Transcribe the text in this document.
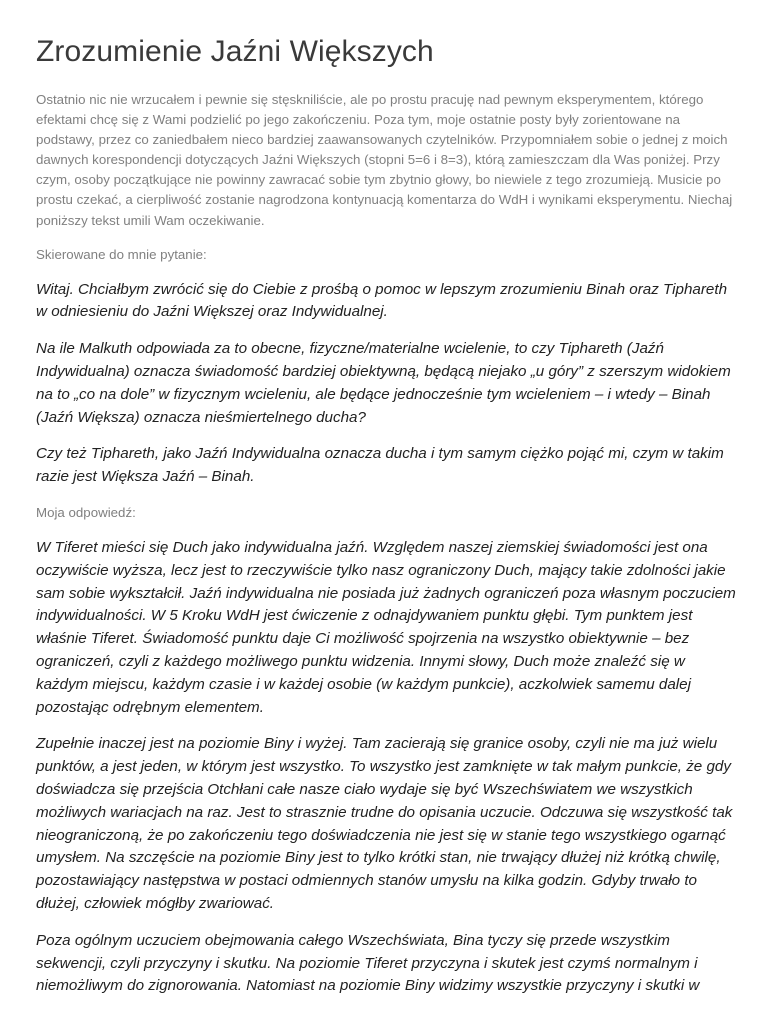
Zrozumienie Jaźni Większych

Ostatnio nic nie wrzucałem i pewnie się stęskniliście, ale po prostu pracuję nad pewnym eksperymentem, którego efektami chcę się z Wami podzielić po jego zakończeniu. Poza tym, moje ostatnie posty były zorientowane na podstawy, przez co zaniedbałem nieco bardziej zaawansowanych czytelników. Przypomniałem sobie o jednej z moich dawnych korespondencji dotyczących Jaźni Większych (stopni 5=6 i 8=3), którą zamieszczam dla Was poniżej. Przy czym, osoby początkujące nie powinny zawracać sobie tym zbytnio głowy, bo niewiele z tego zrozumieją. Musicie po prostu czekać, a cierpliwość zostanie nagrodzona kontynuacją komentarza do WdH i wynikami eksperymentu. Niechaj poniższy tekst umili Wam oczekiwanie.

Skierowane do mnie pytanie:

Witaj. Chciałbym zwrócić się do Ciebie z prośbą o pomoc w lepszym zrozumieniu Binah oraz Tiphareth w odniesieniu do Jaźni Większej oraz Indywidualnej.

Na ile Malkuth odpowiada za to obecne, fizyczne/materialne wcielenie, to czy Tiphareth (Jaźń Indywidualna) oznacza świadomość bardziej obiektywną, będącą niejako „u góry” z szerszym widokiem na to „co na dole” w fizycznym wcieleniu, ale będące jednocześnie tym wcieleniem – i wtedy – Binah (Jaźń Większa) oznacza nieśmiertelnego ducha?

Czy też Tiphareth, jako Jaźń Indywidualna oznacza ducha i tym samym ciężko pojąć mi, czym w takim razie jest Większa Jaźń – Binah.

Moja odpowiedź:

W Tiferet mieści się Duch jako indywidualna jaźń. Względem naszej ziemskiej świadomości jest ona oczywiście wyższa, lecz jest to rzeczywiście tylko nasz ograniczony Duch, mający takie zdolności jakie sam sobie wykształcił. Jaźń indywidualna nie posiada już żadnych ograniczeń poza własnym poczuciem indywidualności. W 5 Kroku WdH jest ćwiczenie z odnajdywaniem punktu głębi. Tym punktem jest właśnie Tiferet. Świadomość punktu daje Ci możliwość spojrzenia na wszystko obiektywnie – bez ograniczeń, czyli z każdego możliwego punktu widzenia. Innymi słowy, Duch może znaleźć się w każdym miejscu, każdym czasie i w każdej osobie (w każdym punkcie), aczkolwiek samemu dalej pozostając odrębnym elementem.

Zupełnie inaczej jest na poziomie Biny i wyżej. Tam zacierają się granice osoby, czyli nie ma już wielu punktów, a jest jeden, w którym jest wszystko. To wszystko jest zamknięte w tak małym punkcie, że gdy doświadcza się przejścia Otchłani całe nasze ciało wydaje się być Wszechświatem we wszystkich możliwych wariacjach na raz. Jest to strasznie trudne do opisania uczucie. Odczuwa się wszystkość tak nieograniczoną, że po zakończeniu tego doświadczenia nie jest się w stanie tego wszystkiego ogarnąć umysłem. Na szczęście na poziomie Biny jest to tylko krótki stan, nie trwający dłużej niż krótką chwilę, pozostawiający następstwa w postaci odmiennych stanów umysłu na kilka godzin. Gdyby trwało to dłużej, człowiek mógłby zwariować.

Poza ogólnym uczuciem obejmowania całego Wszechświata, Bina tyczy się przede wszystkim sekwencji, czyli przyczyny i skutku. Na poziomie Tiferet przyczyna i skutek jest czymś normalnym i niemożliwym do zignorowania. Natomiast na poziomie Biny widzimy wszystkie przyczyny i skutki w
